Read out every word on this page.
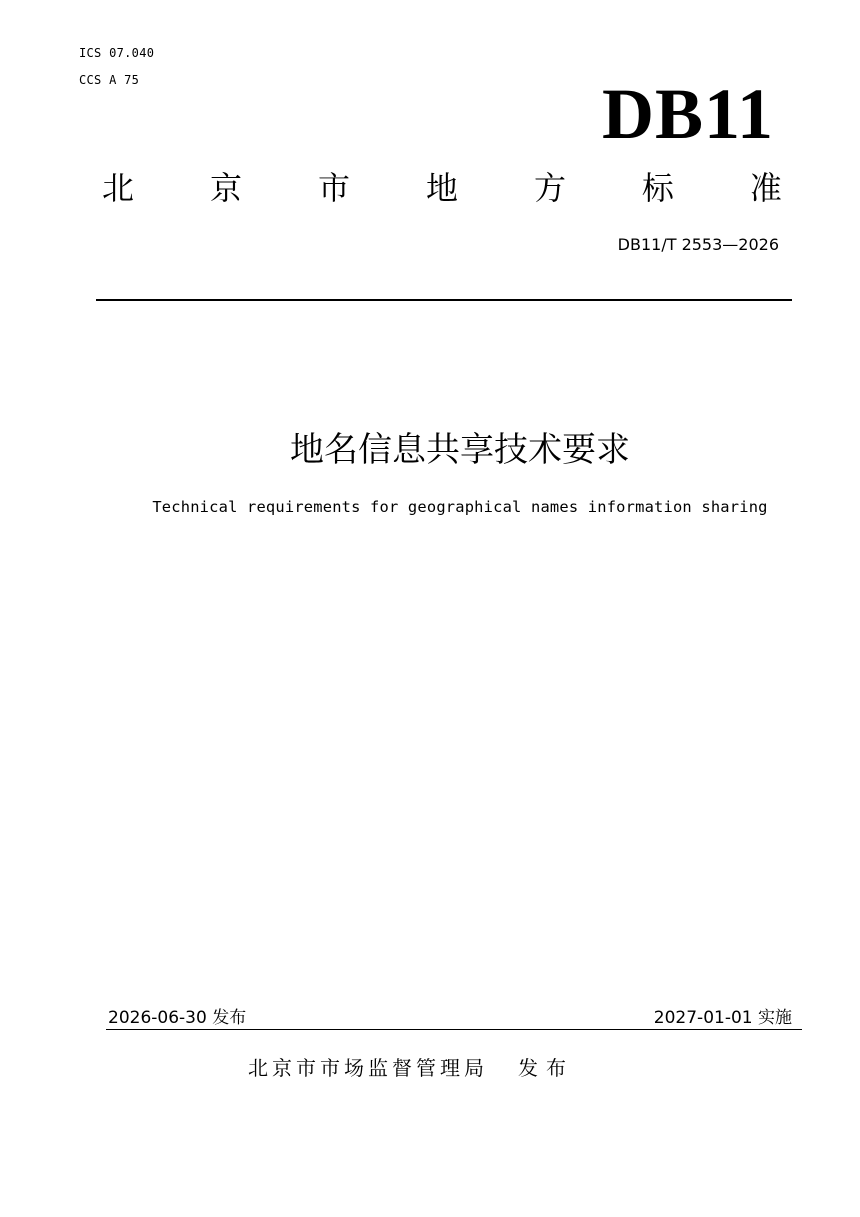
ICS 07.040
CCS A 75	DB11
北 京 市 地 方 标 准
DB11/T 2553—2026
地名信息共享技术要求
Technical requirements for geographical names information sharing
2026-06-30 发布	2027-01-01 实施
北京市市场监督管理局 发布
